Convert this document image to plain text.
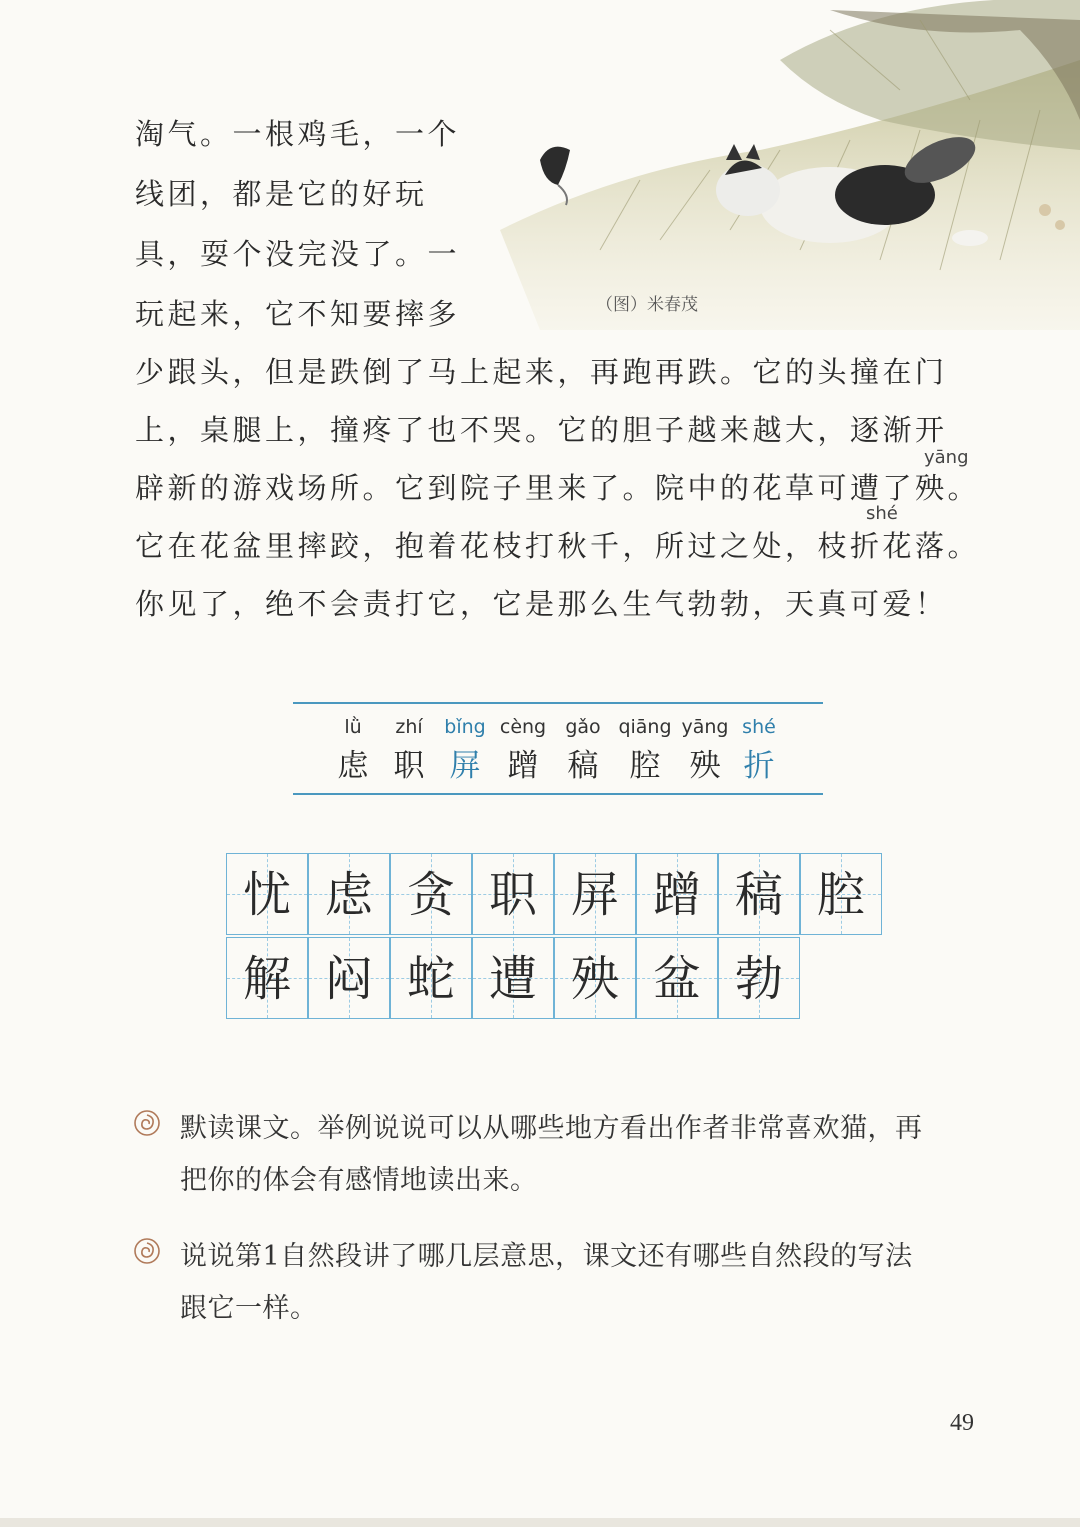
（图）米春茂
淘气。一根鸡毛，一个
线团，都是它的好玩
具，耍个没完没了。一
玩起来，它不知要摔多
少跟头，但是跌倒了马上起来，再跑再跌。它的头撞在门
上，桌腿上，撞疼了也不哭。它的胆子越来越大，逐渐开
yāng
辟新的游戏场所。它到院子里来了。院中的花草可遭了殃。
shé
它在花盆里摔跤，抱着花枝打秋千，所过之处，枝折花落。
你见了，绝不会责打它，它是那么生气勃勃，天真可爱！
lǜ
虑
zhí
职
bǐng
屏
cèng
蹭
gǎo
稿
qiāng
腔
yāng
殃
shé
折
忧 虑 贪 职 屏 蹭 稿 腔
解 闷 蛇 遭 殃 盆 勃
默读课文。举例说说可以从哪些地方看出作者非常喜欢猫，再
把你的体会有感情地读出来。
说说第1自然段讲了哪几层意思，课文还有哪些自然段的写法
跟它一样。
49
